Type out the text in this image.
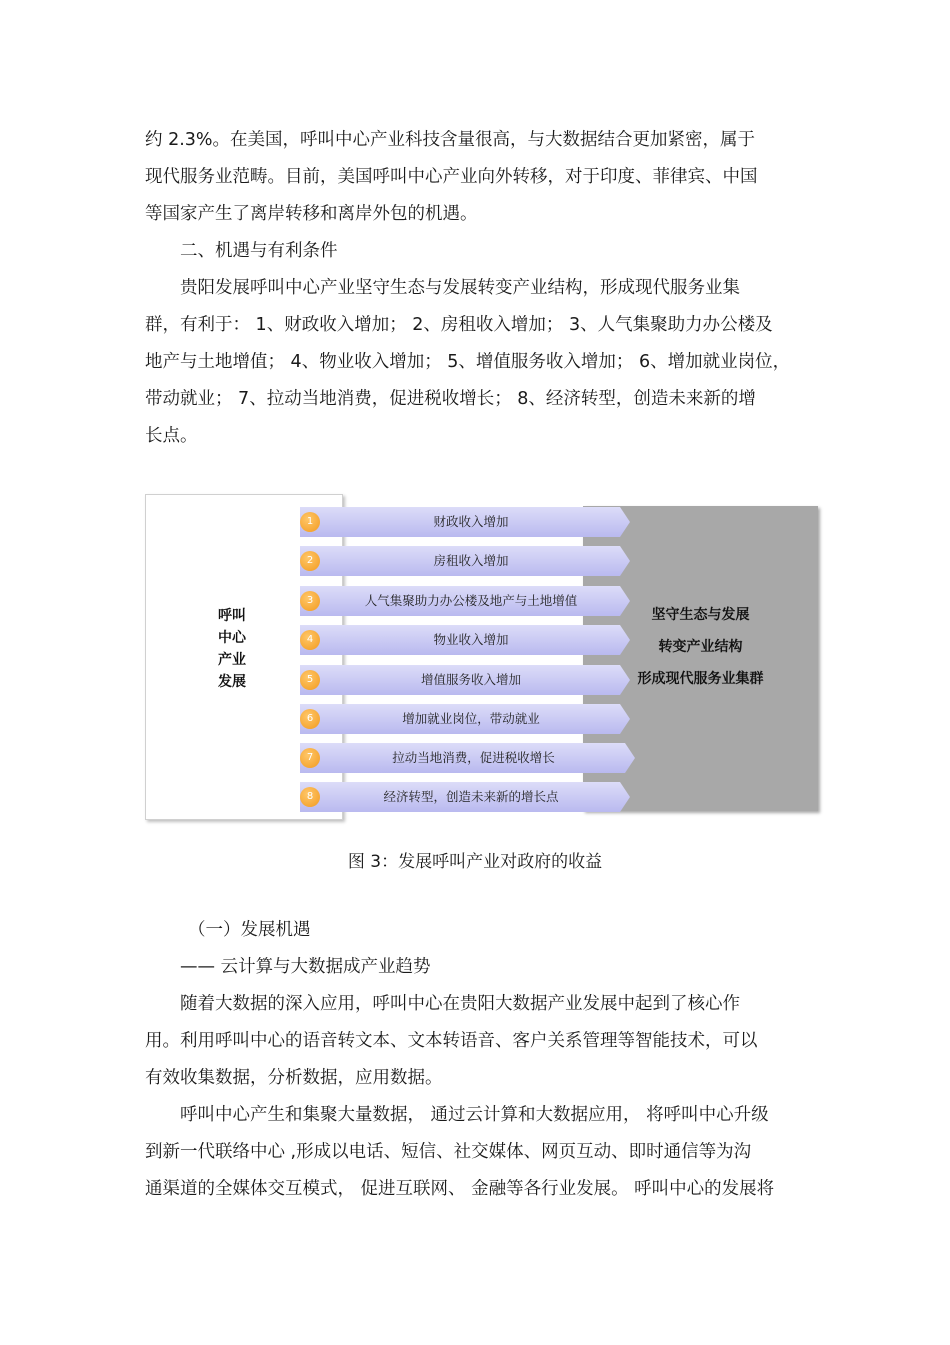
约 2.3%。在美国，呼叫中心产业科技含量很高，与大数据结合更加紧密，属于
现代服务业范畴。目前，美国呼叫中心产业向外转移，对于印度、菲律宾、中国
等国家产生了离岸转移和离岸外包的机遇。
二、机遇与有利条件
贵阳发展呼叫中心产业坚守生态与发展转变产业结构，形成现代服务业集
群，有利于： 1、财政收入增加； 2、房租收入增加； 3、人气集聚助力办公楼及
地产与土地增值； 4、物业收入增加； 5、增值服务收入增加； 6、增加就业岗位，
带动就业； 7、拉动当地消费，促进税收增长； 8、经济转型，创造未来新的增
长点。
呼叫
中心
产业
发展
坚守生态与发展
转变产业结构
形成现代服务业集群
财政收入增加
1
房租收入增加
2
人气集聚助力办公楼及地产与土地增值
3
物业收入增加
4
增值服务收入增加
5
增加就业岗位，带动就业
6
拉动当地消费，促进税收增长
7
经济转型，创造未来新的增长点
8
图 3：发展呼叫产业对政府的收益
（一）发展机遇
—— 云计算与大数据成产业趋势
随着大数据的深入应用，呼叫中心在贵阳大数据产业发展中起到了核心作
用。利用呼叫中心的语音转文本、文本转语音、客户关系管理等智能技术，可以
有效收集数据，分析数据，应用数据。
呼叫中心产生和集聚大量数据， 通过云计算和大数据应用， 将呼叫中心升级
到新一代联络中心 ,形成以电话、短信、社交媒体、网页互动、即时通信等为沟
通渠道的全媒体交互模式， 促进互联网、 金融等各行业发展。 呼叫中心的发展将
